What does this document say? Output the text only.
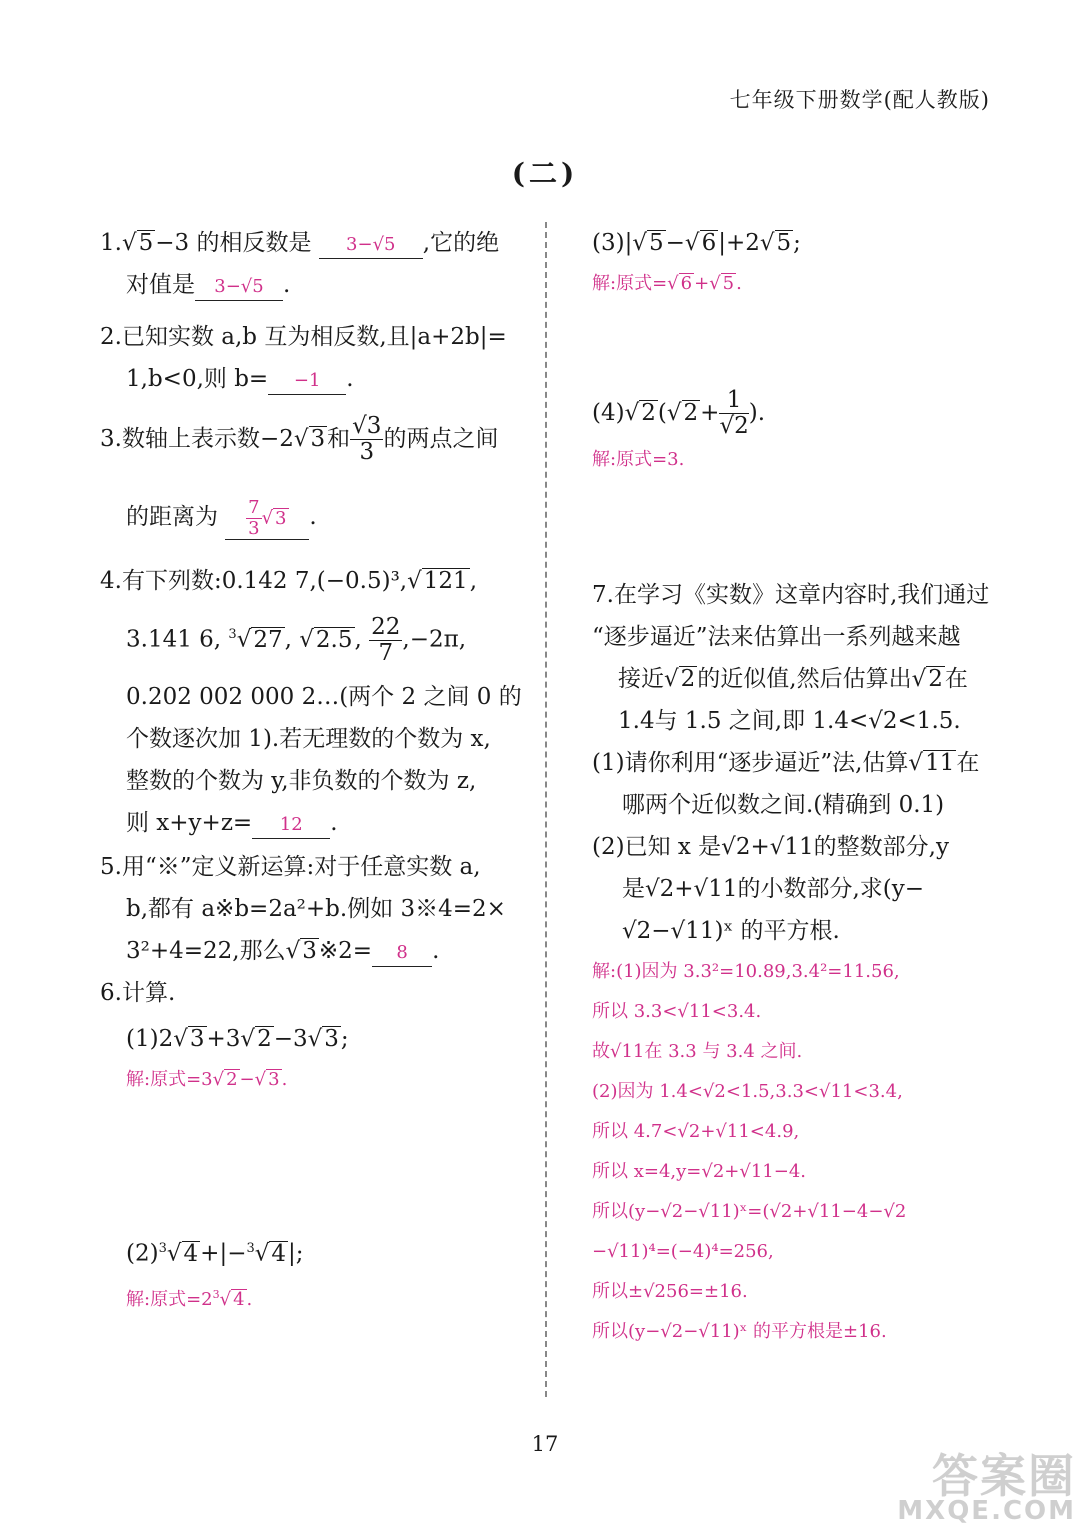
七年级下册数学(配人教版)
(二)
1.√5−3 的相反数是 3−√5 ,它的绝
对值是 3−√5 .
2.已知实数 a,b 互为相反数,且|a+2b|=
1,b<0,则 b= −1 .
3.数轴上表示数−2√3和 $\frac{√3}{3}$ 的两点之间
的距离为 $\frac{7}{3}$ √ 3 .
4.有下列数:0.142 7,(−0.5)³,√121,
3.141 6, $^3$√27, √2.5, $\frac{22}{7} ,-2\pi$,
0.202 002 000 2…(两个 2 之间 0 的
个数逐次加 1).若无理数的个数为 x,
整数的个数为 y,非负数的个数为 z,
则 x+y+z= 12 .
5.用“※”定义新运算:对于任意实数 a,
b,都有 a※b=2a²+b.例如 3※4=2×
3²+4=22,那么√3※2= 8 .
6.计算.
(1)2√3+3√2−3√3;
解:原式=3√ 2 −√ 3 .
$(2)^3√4+|-^3√4|$;
解:原式$=2^3√$ 4 .
(3)|√5−√6|+2√5;
解:原式=√ 6 +√ 5 .
$(4)√2(√2+ \frac{1}{√2}$ ).
解:原式=3.
7.在学习《实数》这章内容时,我们通过
“逐步逼近”法来估算出一系列越来越
接近√2的近似值,然后估算出√2在
1.4与 1.5 之间,即 1.4<√2<1.5.
(1)请你利用“逐步逼近”法,估算√11在
哪两个近似数之间.(精确到 0.1)
(2)已知 x 是√2+√11的整数部分,y
是√2+√11的小数部分,求(y−
√2−√11)ˣ 的平方根.
解:(1)因为 3.3²=10.89,3.4²=11.56,
所以 3.3<√11<3.4.
故√11在 3.3 与 3.4 之间.
(2)因为 1.4<√2<1.5,3.3<√11<3.4,
所以 4.7<√2+√11<4.9,
所以 x=4,y=√2+√11−4.
所以(y−√2−√11)ˣ=(√2+√11−4−√2
−√11)⁴=(−4)⁴=256,
所以±√256=±16.
所以(y−√2−√11)ˣ 的平方根是±16.
17
答案圈
MXQE.COM
